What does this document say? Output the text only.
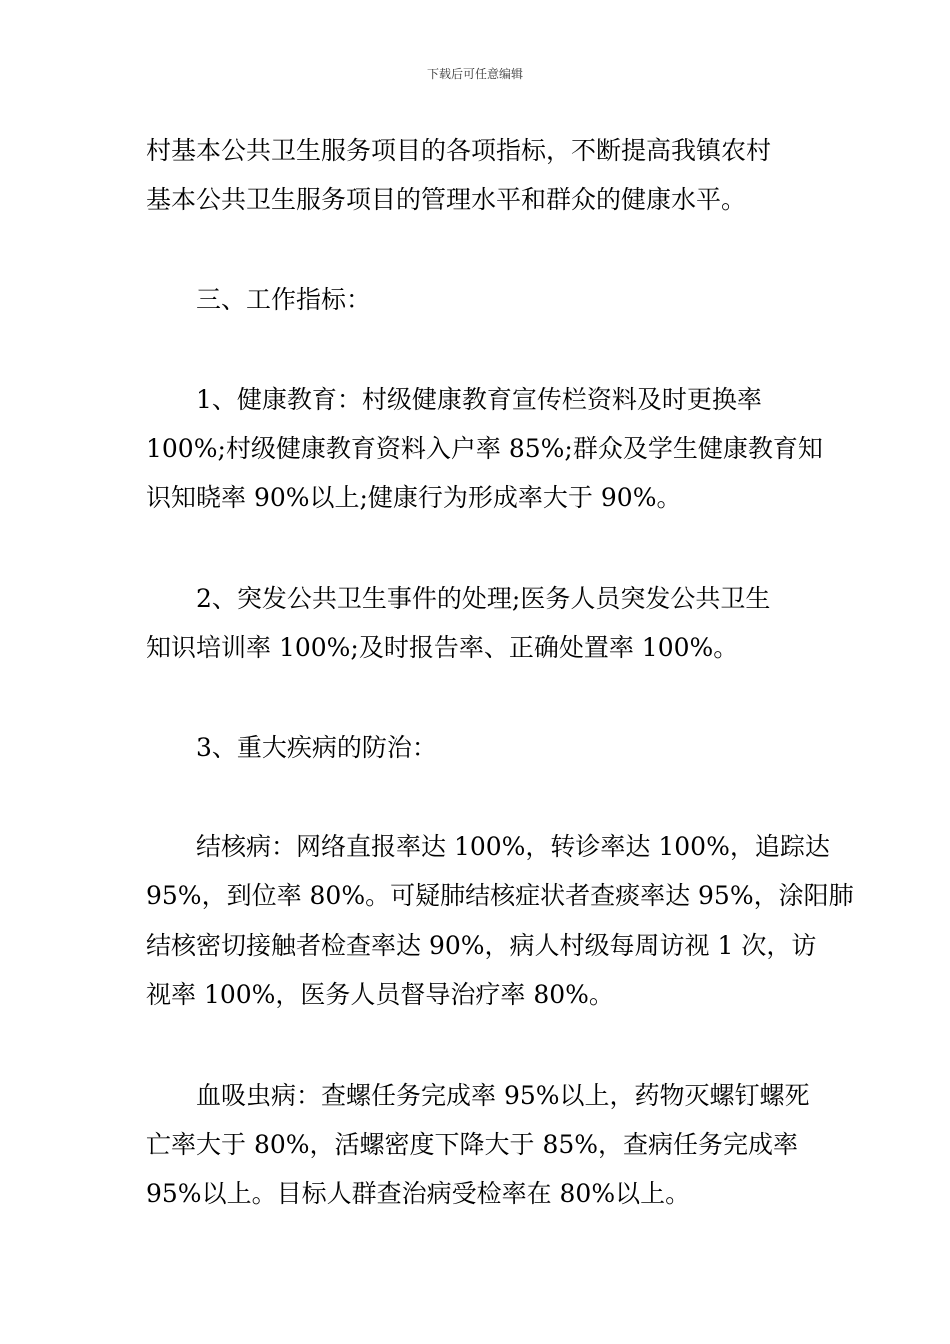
下载后可任意编辑
村基本公共卫生服务项目的各项指标，不断提高我镇农村
基本公共卫生服务项目的管理水平和群众的健康水平。
三、工作指标：
1、健康教育：村级健康教育宣传栏资料及时更换率
100%;村级健康教育资料入户率 85%;群众及学生健康教育知
识知晓率 90%以上;健康行为形成率大于 90%。
2、突发公共卫生事件的处理;医务人员突发公共卫生
知识培训率 100%;及时报告率、正确处置率 100%。
3、重大疾病的防治：
结核病：网络直报率达 100%，转诊率达 100%，追踪达
95%，到位率 80%。可疑肺结核症状者查痰率达 95%，涂阳肺
结核密切接触者检查率达 90%，病人村级每周访视 1 次，访
视率 100%，医务人员督导治疗率 80%。
血吸虫病：查螺任务完成率 95%以上，药物灭螺钉螺死
亡率大于 80%，活螺密度下降大于 85%，查病任务完成率
95%以上。目标人群查治病受检率在 80%以上。
